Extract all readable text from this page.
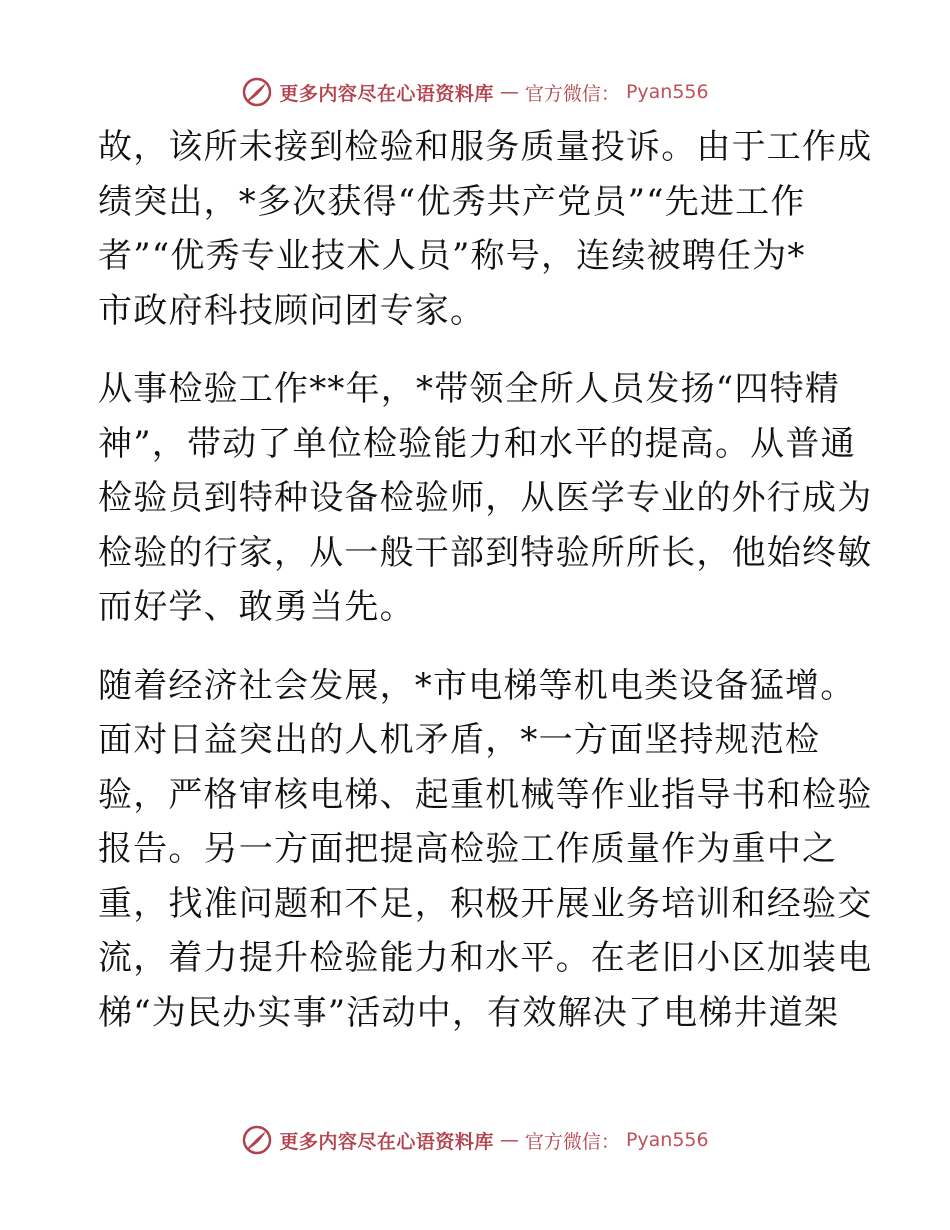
更多内容尽在心语资料库 — 官方微信： Pyan556

故，该所未接到检验和服务质量投诉。由于工作成
绩突出，*多次获得“优秀共产党员”“先进工作
者”“优秀专业技术人员”称号，连续被聘任为*
市政府科技顾问团专家。

从事检验工作**年，*带领全所人员发扬“四特精
神”，带动了单位检验能力和水平的提高。从普通
检验员到特种设备检验师，从医学专业的外行成为
检验的行家，从一般干部到特验所所长，他始终敏
而好学、敢勇当先。

随着经济社会发展，*市电梯等机电类设备猛增。
面对日益突出的人机矛盾，*一方面坚持规范检
验，严格审核电梯、起重机械等作业指导书和检验
报告。另一方面把提高检验工作质量作为重中之
重，找准问题和不足，积极开展业务培训和经验交
流，着力提升检验能力和水平。在老旧小区加装电
梯“为民办实事”活动中，有效解决了电梯井道架

更多内容尽在心语资料库 — 官方微信： Pyan556
